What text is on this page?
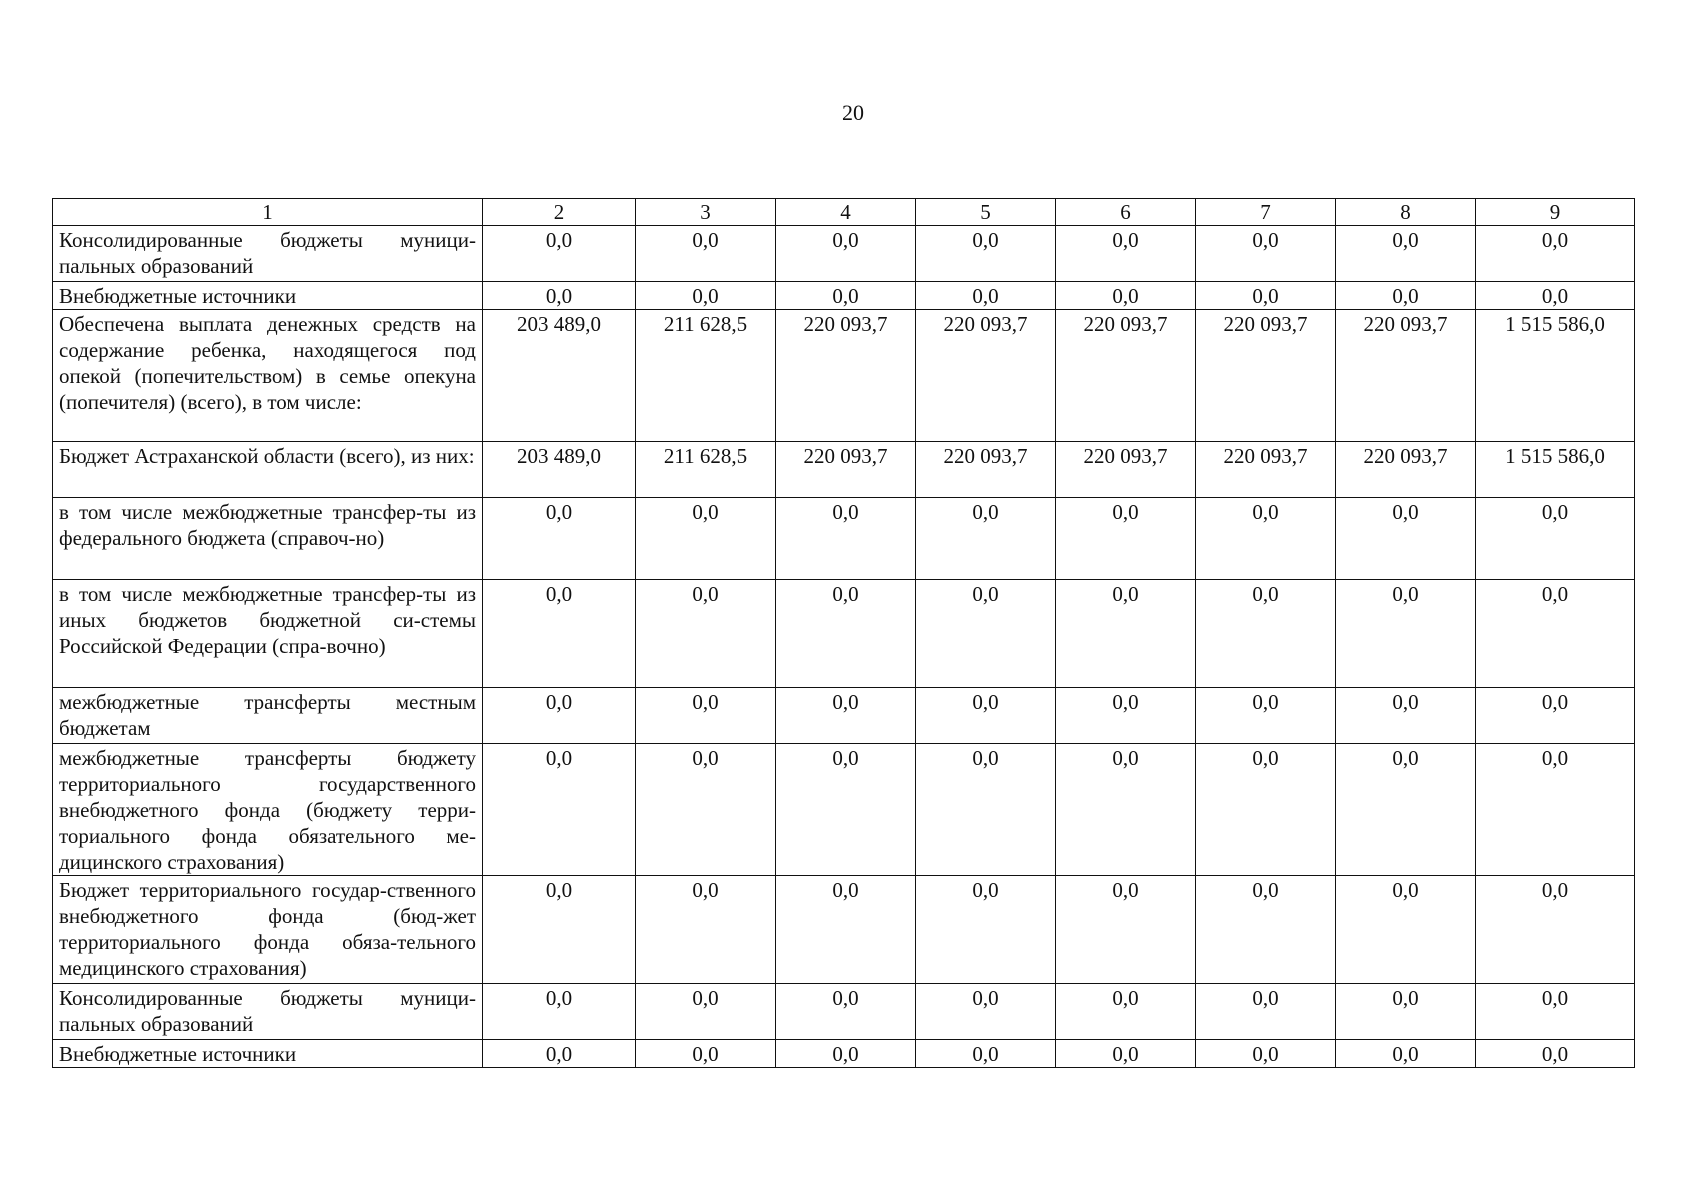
20
1	2	3	4	5	6	7	8	9
Консолидированные бюджеты муници-пальных образований	0,0	0,0	0,0	0,0	0,0	0,0	0,0	0,0
Внебюджетные источники	0,0	0,0	0,0	0,0	0,0	0,0	0,0	0,0
Обеспечена выплата денежных средств на содержание ребенка, находящегося под опекой (попечительством) в семье опекуна (попечителя) (всего), в том числе:	203 489,0	211 628,5	220 093,7	220 093,7	220 093,7	220 093,7	220 093,7	1 515 586,0
Бюджет Астраханской области (всего), из них:	203 489,0	211 628,5	220 093,7	220 093,7	220 093,7	220 093,7	220 093,7	1 515 586,0
в том числе межбюджетные трансфер-ты из федерального бюджета (справоч-но)	0,0	0,0	0,0	0,0	0,0	0,0	0,0	0,0
в том числе межбюджетные трансфер-ты из иных бюджетов бюджетной си-стемы Российской Федерации (спра-вочно)	0,0	0,0	0,0	0,0	0,0	0,0	0,0	0,0
межбюджетные трансферты местным бюджетам	0,0	0,0	0,0	0,0	0,0	0,0	0,0	0,0
межбюджетные трансферты бюджету территориального государственного внебюджетного фонда (бюджету терри-ториального фонда обязательного ме-дицинского страхования)	0,0	0,0	0,0	0,0	0,0	0,0	0,0	0,0
Бюджет территориального государ-ственного внебюджетного фонда (бюд-жет территориального фонда обяза-тельного медицинского страхования)	0,0	0,0	0,0	0,0	0,0	0,0	0,0	0,0
Консолидированные бюджеты муници-пальных образований	0,0	0,0	0,0	0,0	0,0	0,0	0,0	0,0
Внебюджетные источники	0,0	0,0	0,0	0,0	0,0	0,0	0,0	0,0
